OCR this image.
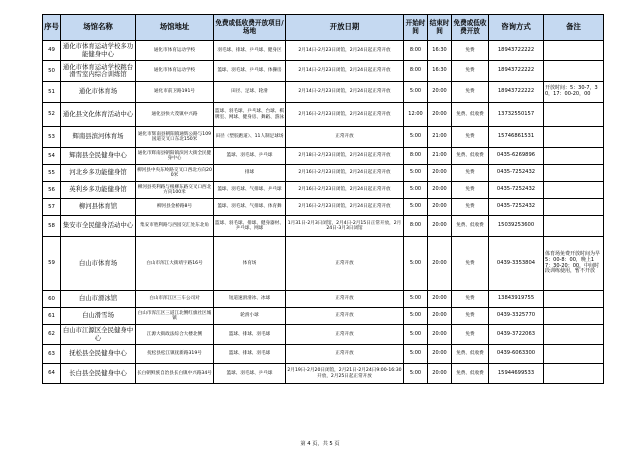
序号	场馆名称	场馆地址	免费或低收费开放项目/场地	开放日期	开始时间	结束时间	免费或低收费开放	咨询方式	备注
49	通化市体育运动学校多功能健身中心	通化市体育运动学校	羽毛球、排球、乒乓球、健身区	2月14日-2月23日闭馆，2月24日起正常开放	8:00	16:30	免费	18943722222	
50	通化市体育运动学校跳台滑雪室内综合训练馆	通化市体育运动学校	篮球、羽毛球、乒乓球、体操房	2月14日-2月23日闭馆，2月24日起正常开放	8:00	16:30	免费	18943722222	
51	通化市体育场	通化市前卫路191号	田径、足球、轮滑	2月14日-2月23日闭馆，2月24日起正常开放	5:00	20:00	免费	18943722222	开放时间：5：30-7，30，17：00-20，00
52	通化县文化体育活动中心	通化县快大茂镇中兴路	篮球、羽毛球、乒乓球、台球、棋牌室、网球、健身房、舞蹈、游泳	2月16日-2月23日闭馆，2月24日起正常开放	12:00	20:00	免费、低收费	13732550157	
53	辉南县滨河体育场	通化市辉南县朝阳镇通辉公路与109国道交叉口东北150米	田径（塑胶跑道）、11人制足球场	正常开放	5:00	21:00	免费	15746861531	
54	辉南县全民健身中心	通化市辉南县朝阳镇滨河大街全民健身中心	篮球、羽毛球、乒乓球	2月18日-2月23日闭馆，2月24日起正常开放	8:00	21:00	免费、低收费	0435-6269896	
55	河北乡多功能健身馆	柳河县中央东岭路交叉口西北方向200米	排球	2月16日-2月23日闭馆，2月24日起正常开放	5:00	20:00	免费	0435-7252432	
56	英利乡多功能健身馆	柳河县英利路与根柳东路交叉口西北方向100米	篮球、羽毛球、气排球、乒乓球	2月16日-2月23日闭馆，2月24日起正常开放	5:00	20:00	免费	0435-7252432	
57	柳河县体育馆	柳河县金桥路8号	篮球、羽毛球、气排球、体育舞	2月16日-2月23日闭馆，2月24日起正常开放	5:00	20:00	免费	0435-7252432	
58	集安市全民健身活动中心	集安市胜利路与西园交汇处东北角	篮球、羽毛球、排球、健身器材、乒乓球、网球	1月31日-2月3日闭馆，2月4日-2月15日正常开放，2月24日-3月3日闭馆	8:00	20:00	免费、低收费	15039253600	
59	白山市体育场	白山市浑江大街靖宇路16号	体育场	正常开放	5:00	20:00	免费	0439-3353804	体育场免费开放时间为早5：00-8：00，晚上17：30-20：00，中间时段训练使用，暂不开放
60	白山市滑冰馆	白山市浑江区三车公司对	短道速滑滑冰、冰球	正常开放	5:00	20:00	免费	13843919755	
61	白山滑雪场	白山市浑江区三道江北侧红旗社区城镇	轮滑小球	正常开放	5:00	20:00	免费	0439-3325770	
62	白山市江源区全民健身中心	江源大街政法综合大楼北侧	篮球、排球、羽毛球	正常开放	5:00	20:00	免费	0439-3722063	
63	抚松县全民健身中心	抚松县松江镇抚新路319号	篮球、排球、羽毛球	正常开放	5:00	20:00	免费、低收费	0439-6063300	
64	长白县全民健身中心	长白朝鲜族自治县长白镇中兴路34号	篮球、羽毛球、乒乓球	2月19日-2月20日闭馆，2月21日-2月24日9:00-16:30开放，2月25日起正常开放	5:00	20:00	免费、低收费	15944699533	
第 4 页，共 5 页
